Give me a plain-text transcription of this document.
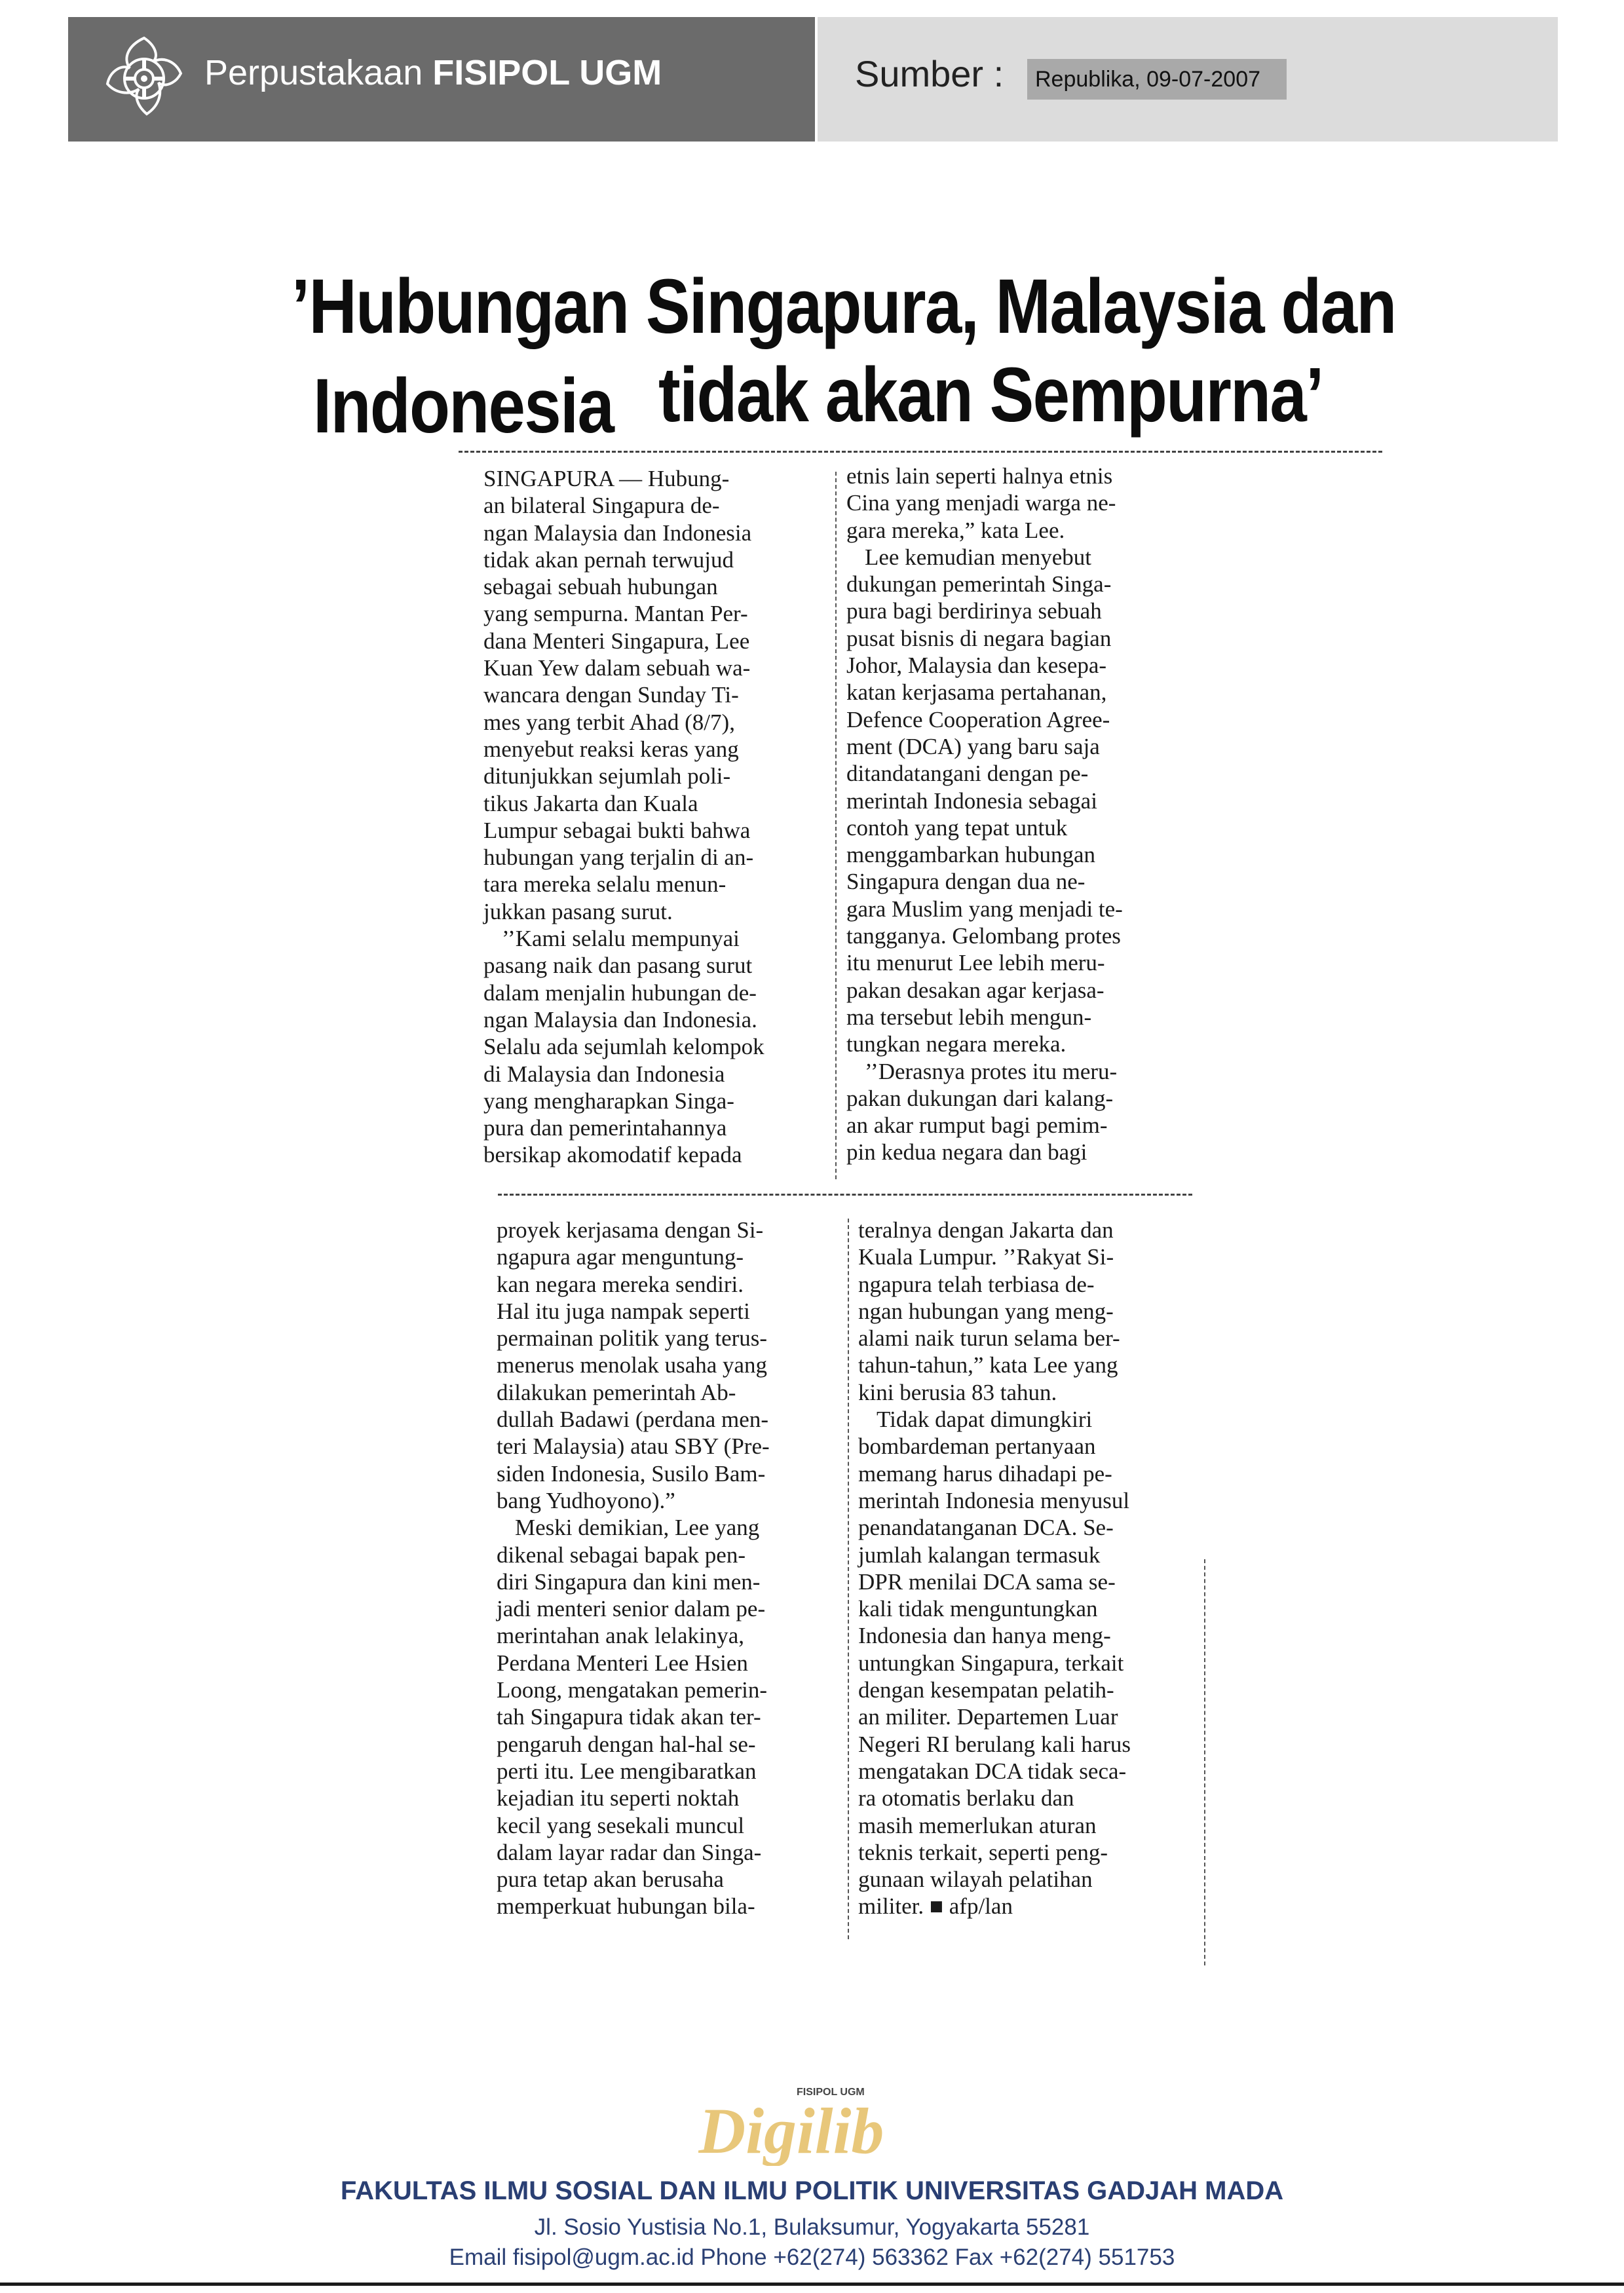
Perpustakaan FISIPOL UGM	Sumber :	Republika, 09-07-2007
’Hubungan Singapura, Malaysia dan
Indonesia tidak akan Sempurna’

SINGAPURA — Hubung-

an bilateral Singapura de-

ngan Malaysia dan Indonesia

tidak akan pernah terwujud

sebagai sebuah hubungan

yang sempurna. Mantan Per-

dana Menteri Singapura, Lee

Kuan Yew dalam sebuah wa-

wancara dengan Sunday Ti-

mes yang terbit Ahad (8/7),

menyebut reaksi keras yang

ditunjukkan sejumlah poli-

tikus Jakarta dan Kuala

Lumpur sebagai bukti bahwa

hubungan yang terjalin di an-

tara mereka selalu menun-

jukkan pasang surut.

’’Kami selalu mempunyai

pasang naik dan pasang surut

dalam menjalin hubungan de-

ngan Malaysia dan Indonesia.

Selalu ada sejumlah kelompok

di Malaysia dan Indonesia

yang mengharapkan Singa-

pura dan pemerintahannya

bersikap akomodatif kepada

etnis lain seperti halnya etnis

Cina yang menjadi warga ne-

gara mereka,” kata Lee.

Lee kemudian menyebut

dukungan pemerintah Singa-

pura bagi berdirinya sebuah

pusat bisnis di negara bagian

Johor, Malaysia dan kesepa-

katan kerjasama pertahanan,

Defence Cooperation Agree-

ment (DCA) yang baru saja

ditandatangani dengan pe-

merintah Indonesia sebagai

contoh yang tepat untuk

menggambarkan hubungan

Singapura dengan dua ne-

gara Muslim yang menjadi te-

tangganya. Gelombang protes

itu menurut Lee lebih meru-

pakan desakan agar kerjasa-

ma tersebut lebih mengun-

tungkan negara mereka.

’’Derasnya protes itu meru-

pakan dukungan dari kalang-

an akar rumput bagi pemim-

pin kedua negara dan bagi

proyek kerjasama dengan Si-

ngapura agar menguntung-

kan negara mereka sendiri.

Hal itu juga nampak seperti

permainan politik yang terus-

menerus menolak usaha yang

dilakukan pemerintah Ab-

dullah Badawi (perdana men-

teri Malaysia) atau SBY (Pre-

siden Indonesia, Susilo Bam-

bang Yudhoyono).”

Meski demikian, Lee yang

dikenal sebagai bapak pen-

diri Singapura dan kini men-

jadi menteri senior dalam pe-

merintahan anak lelakinya,

Perdana Menteri Lee Hsien

Loong, mengatakan pemerin-

tah Singapura tidak akan ter-

pengaruh dengan hal-hal se-

perti itu. Lee mengibaratkan

kejadian itu seperti noktah

kecil yang sesekali muncul

dalam layar radar dan Singa-

pura tetap akan berusaha

memperkuat hubungan bila-

teralnya dengan Jakarta dan

Kuala Lumpur. ’’Rakyat Si-

ngapura telah terbiasa de-

ngan hubungan yang meng-

alami naik turun selama ber-

tahun-tahun,” kata Lee yang

kini berusia 83 tahun.

Tidak dapat dimungkiri

bombardeman pertanyaan

memang harus dihadapi pe-

merintah Indonesia menyusul

penandatanganan DCA. Se-

jumlah kalangan termasuk

DPR menilai DCA sama se-

kali tidak menguntungkan

Indonesia dan hanya meng-

untungkan Singapura, terkait

dengan kesempatan pelatih-

an militer. Departemen Luar

Negeri RI berulang kali harus

mengatakan DCA tidak seca-

ra otomatis berlaku dan

masih memerlukan aturan

teknis terkait, seperti peng-

gunaan wilayah pelatihan

militer. ■ afp/lan

FISIPOL UGM
Digilib
FAKULTAS ILMU SOSIAL DAN ILMU POLITIK UNIVERSITAS GADJAH MADA
Jl. Sosio Yustisia No.1, Bulaksumur, Yogyakarta 55281
Email fisipol@ugm.ac.id Phone +62(274) 563362 Fax +62(274) 551753
